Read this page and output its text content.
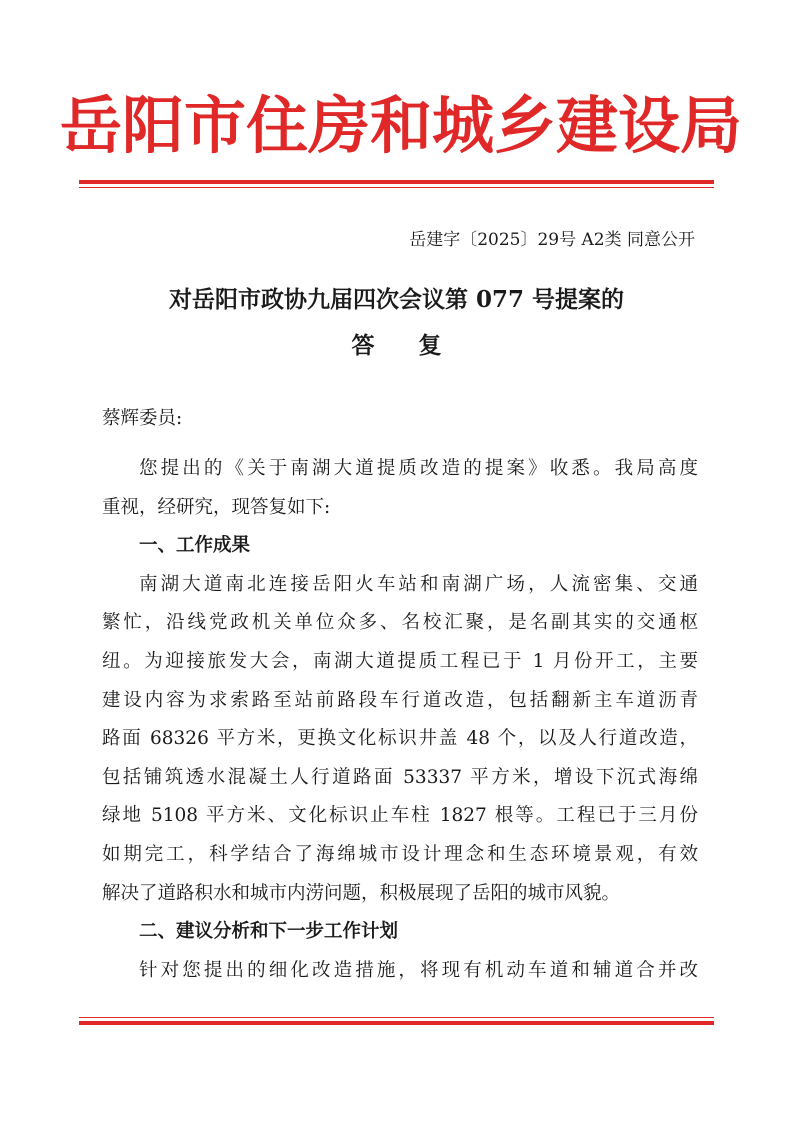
岳阳市住房和城乡建设局
岳建字〔2025〕29号 A2类 同意公开
对岳阳市政协九届四次会议第 077 号提案的
答复
蔡辉委员:
您提出的《关于南湖大道提质改造的提案》收悉。我局高度
重视，经研究，现答复如下:
一、工作成果
南湖大道南北连接岳阳火车站和南湖广场，人流密集、交通
繁忙，沿线党政机关单位众多、名校汇聚，是名副其实的交通枢
纽。为迎接旅发大会，南湖大道提质工程已于 1 月份开工，主要
建设内容为求索路至站前路段车行道改造，包括翻新主车道沥青
路面 68326 平方米，更换文化标识井盖 48 个，以及人行道改造，
包括铺筑透水混凝土人行道路面 53337 平方米，增设下沉式海绵
绿地 5108 平方米、文化标识止车柱 1827 根等。工程已于三月份
如期完工，科学结合了海绵城市设计理念和生态环境景观，有效
解决了道路积水和城市内涝问题，积极展现了岳阳的城市风貌。
二、建议分析和下一步工作计划
针对您提出的细化改造措施，将现有机动车道和辅道合并改
